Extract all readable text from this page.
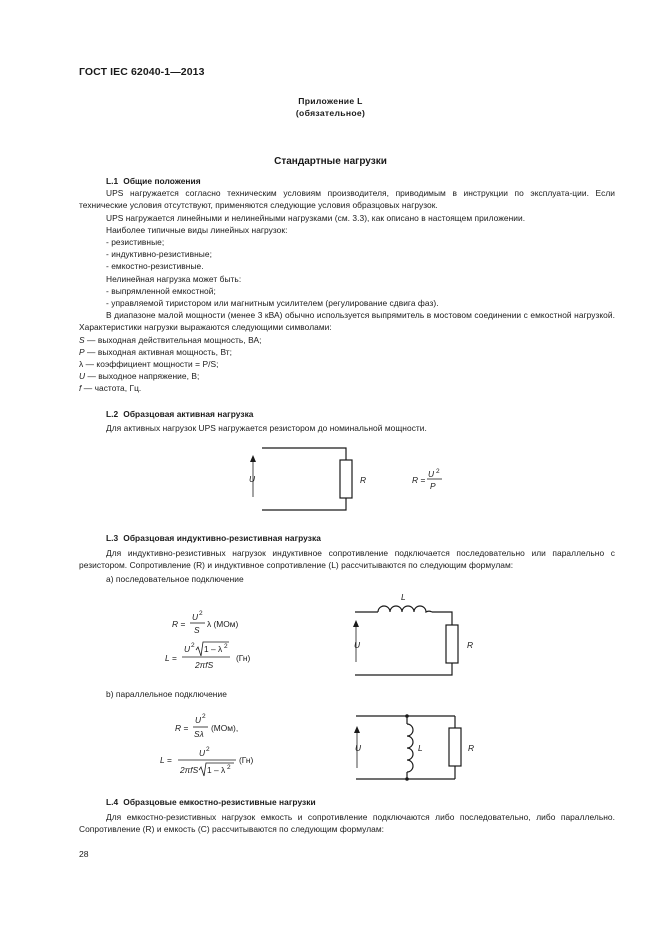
ГОСТ IEC 62040-1—2013
Приложение L
(обязательное)
Стандартные нагрузки

L.1 Общие положения

UPS нагружается согласно техническим условиям производителя, приводимым в инструкции по эксплуата-ции. Если технические условия отсутствуют, применяются следующие условия образцовых нагрузок.

UPS нагружается линейными и нелинейными нагрузками (см. 3.3), как описано в настоящем приложении.

Наиболее типичные виды линейных нагрузок:

- резистивные;

- индуктивно-резистивные;

- емкостно-резистивные.

Нелинейная нагрузка может быть:

- выпрямленной емкостной;

- управляемой тиристором или магнитным усилителем (регулирование сдвига фаз).

В диапазоне малой мощности (менее 3 кВА) обычно используется выпрямитель в мостовом соединении с емкостной нагрузкой. Характеристики нагрузки выражаются следующими символами:

S — выходная действительная мощность, ВА;

P — выходная активная мощность, Вт;

λ — коэффициент мощности = P/S;

U — выходное напряжение, В;

f — частота, Гц.

L.2 Образцовая активная нагрузка

Для активных нагрузок UPS нагружается резистором до номинальной мощности.

U	R	R =
U 2
P

L.3 Образцовая индуктивно-резистивная нагрузка

Для индуктивно-резистивных нагрузок индуктивное сопротивление подключается последовательно или параллельно с резистором. Сопротивление (R) и индуктивное сопротивление (L) рассчитываются по следующим формулам:

а) последовательное подключение

R =
U 2
S
λ (МОм)
L =
U 2 1 – λ 2
2πfS
(Гн)
L
U	R

b) параллельное подключение

R =
U 2
Sλ
(МОм),
L =
U 2
2πfS 1 – λ 2
(Гн)
U	L	R

L.4 Образцовые емкостно-резистивные нагрузки

Для емкостно-резистивных нагрузок емкость и сопротивление подключаются либо последовательно, либо параллельно. Сопротивление (R) и емкость (C) рассчитываются по следующим формулам:

28
